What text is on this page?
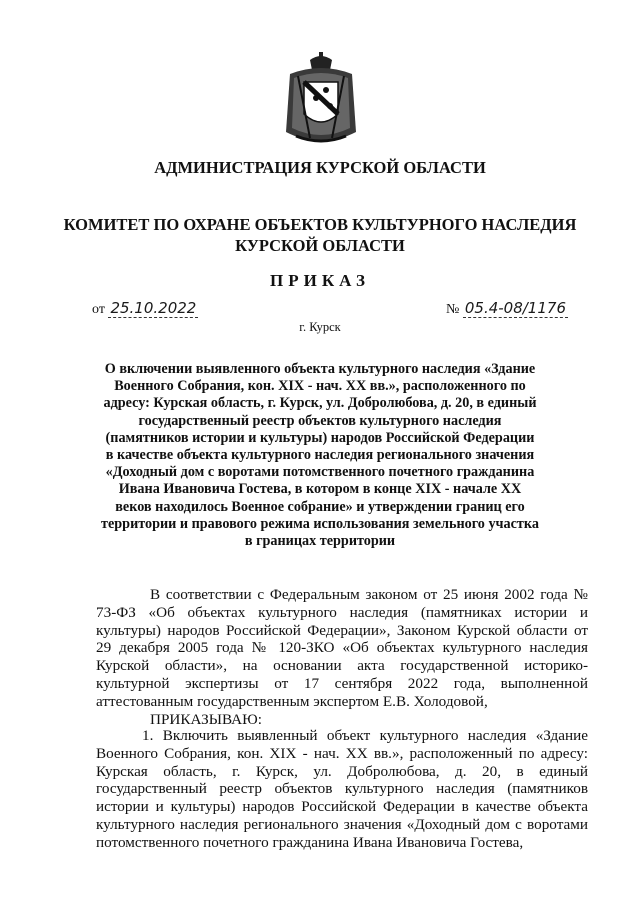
АДМИНИСТРАЦИЯ КУРСКОЙ ОБЛАСТИ
КОМИТЕТ ПО ОХРАНЕ ОБЪЕКТОВ КУЛЬТУРНОГО НАСЛЕДИЯ
КУРСКОЙ ОБЛАСТИ
ПРИКАЗ
от 25.10.2022	№ 05.4-08/1176
г. Курск
О включении выявленного объекта культурного наследия «Здание Военного Собрания, кон. XIX - нач. XX вв.», расположенного по адресу: Курская область, г. Курск, ул. Добролюбова, д. 20, в единый государственный реестр объектов культурного наследия (памятников истории и культуры) народов Российской Федерации в качестве объекта культурного наследия регионального значения «Доходный дом с воротами потомственного почетного гражданина Ивана Ивановича Гостева, в котором в конце XIX - начале XX веков находилось Военное собрание» и утверждении границ его территории и правового режима использования земельного участка в границах территории
В соответствии с Федеральным законом от 25 июня 2002 года № 73-ФЗ «Об объектах культурного наследия (памятниках истории и культуры) народов Российской Федерации», Законом Курской области от 29 декабря 2005 года № 120-ЗКО «Об объектах культурного наследия Курской области», на основании акта государственной историко-культурной экспертизы от 17 сентября 2022 года, выполненной аттестованным государственным экспертом Е.В. Холодовой,
ПРИКАЗЫВАЮ:
1. Включить выявленный объект культурного наследия «Здание Военного Собрания, кон. XIX - нач. XX вв.», расположенный по адресу: Курская область, г. Курск, ул. Добролюбова, д. 20, в единый государственный реестр объектов культурного наследия (памятников истории и культуры) народов Российской Федерации в качестве объекта культурного наследия регионального значения «Доходный дом с воротами потомственного почетного гражданина Ивана Ивановича Гостева,
